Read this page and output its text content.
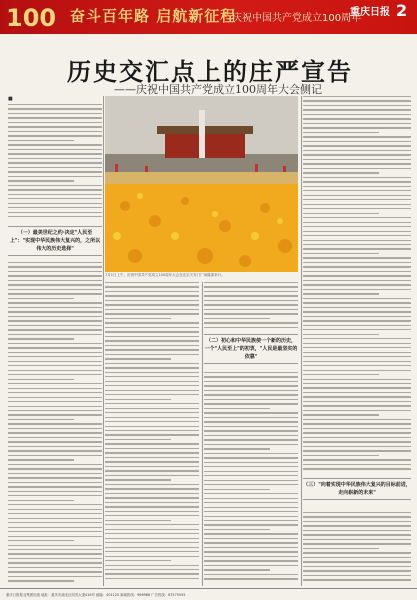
100 奋斗百年路 启航新征程
庆祝中国共产党成立100周年
重庆日报 2
历史交汇点上的庄严宣告
——庆祝中国共产党成立100周年大会侧记
7月1日上午，庆祝中国共产党成立100周年大会在北京天安门广场隆重举行。
■
（一）最美世纪之约·决定"人民至上"："实现中华民族伟大复兴的，之所以伟大的历史选择"
（二）初心和中华民族使一个新的历史，一个"人民至上"的初衷，"人民是最坚实的依靠"
（三）"向着实现中华民族伟大复兴的目标前进，走向崭新的未来"
重庆日报报业集团出版 地址：重庆市渝北区同茂大道416号 邮编：401120 新闻热线：966966 广告热线：67575555
